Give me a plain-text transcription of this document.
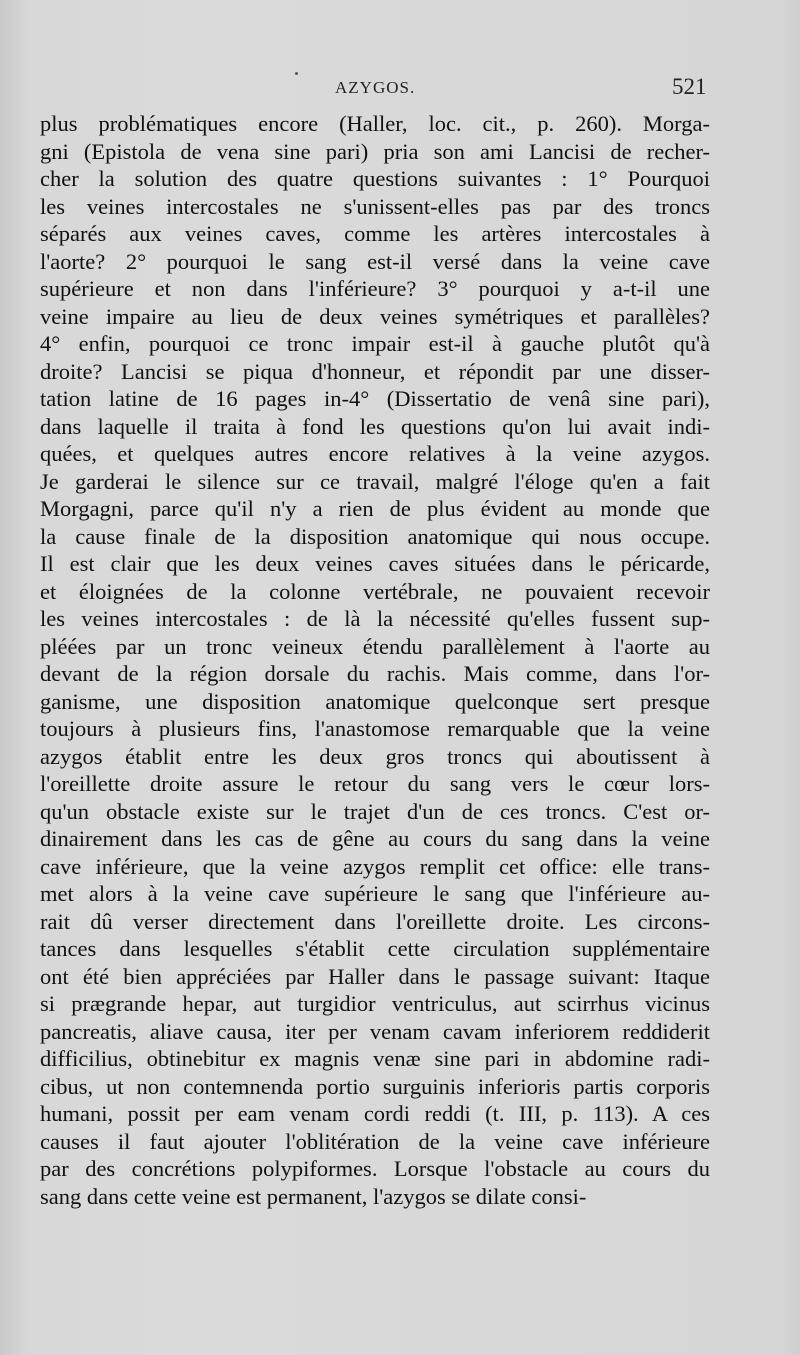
AZYGOS.	521
plus problématiques encore (Haller, loc. cit., p. 260). Morga-
gni (Epistola de vena sine pari) pria son ami Lancisi de recher-
cher la solution des quatre questions suivantes : 1° Pourquoi
les veines intercostales ne s'unissent-elles pas par des troncs
séparés aux veines caves, comme les artères intercostales à
l'aorte? 2° pourquoi le sang est-il versé dans la veine cave
supérieure et non dans l'inférieure? 3° pourquoi y a-t-il une
veine impaire au lieu de deux veines symétriques et parallèles?
4° enfin, pourquoi ce tronc impair est-il à gauche plutôt qu'à
droite? Lancisi se piqua d'honneur, et répondit par une disser-
tation latine de 16 pages in-4° (Dissertatio de venâ sine pari),
dans laquelle il traita à fond les questions qu'on lui avait indi-
quées, et quelques autres encore relatives à la veine azygos.
Je garderai le silence sur ce travail, malgré l'éloge qu'en a fait
Morgagni, parce qu'il n'y a rien de plus évident au monde que
la cause finale de la disposition anatomique qui nous occupe.
Il est clair que les deux veines caves situées dans le péricarde,
et éloignées de la colonne vertébrale, ne pouvaient recevoir
les veines intercostales : de là la nécessité qu'elles fussent sup-
pléées par un tronc veineux étendu parallèlement à l'aorte au
devant de la région dorsale du rachis. Mais comme, dans l'or-
ganisme, une disposition anatomique quelconque sert presque
toujours à plusieurs fins, l'anastomose remarquable que la veine
azygos établit entre les deux gros troncs qui aboutissent à
l'oreillette droite assure le retour du sang vers le cœur lors-
qu'un obstacle existe sur le trajet d'un de ces troncs. C'est or-
dinairement dans les cas de gêne au cours du sang dans la veine
cave inférieure, que la veine azygos remplit cet office: elle trans-
met alors à la veine cave supérieure le sang que l'inférieure au-
rait dû verser directement dans l'oreillette droite. Les circons-
tances dans lesquelles s'établit cette circulation supplémentaire
ont été bien appréciées par Haller dans le passage suivant: Itaque
si prægrande hepar, aut turgidior ventriculus, aut scirrhus vicinus
pancreatis, aliave causa, iter per venam cavam inferiorem reddiderit
difficilius, obtinebitur ex magnis venæ sine pari in abdomine radi-
cibus, ut non contemnenda portio surguinis inferioris partis corporis
humani, possit per eam venam cordi reddi (t. III, p. 113). A ces
causes il faut ajouter l'oblitération de la veine cave inférieure
par des concrétions polypiformes. Lorsque l'obstacle au cours du
sang dans cette veine est permanent, l'azygos se dilate consi-
